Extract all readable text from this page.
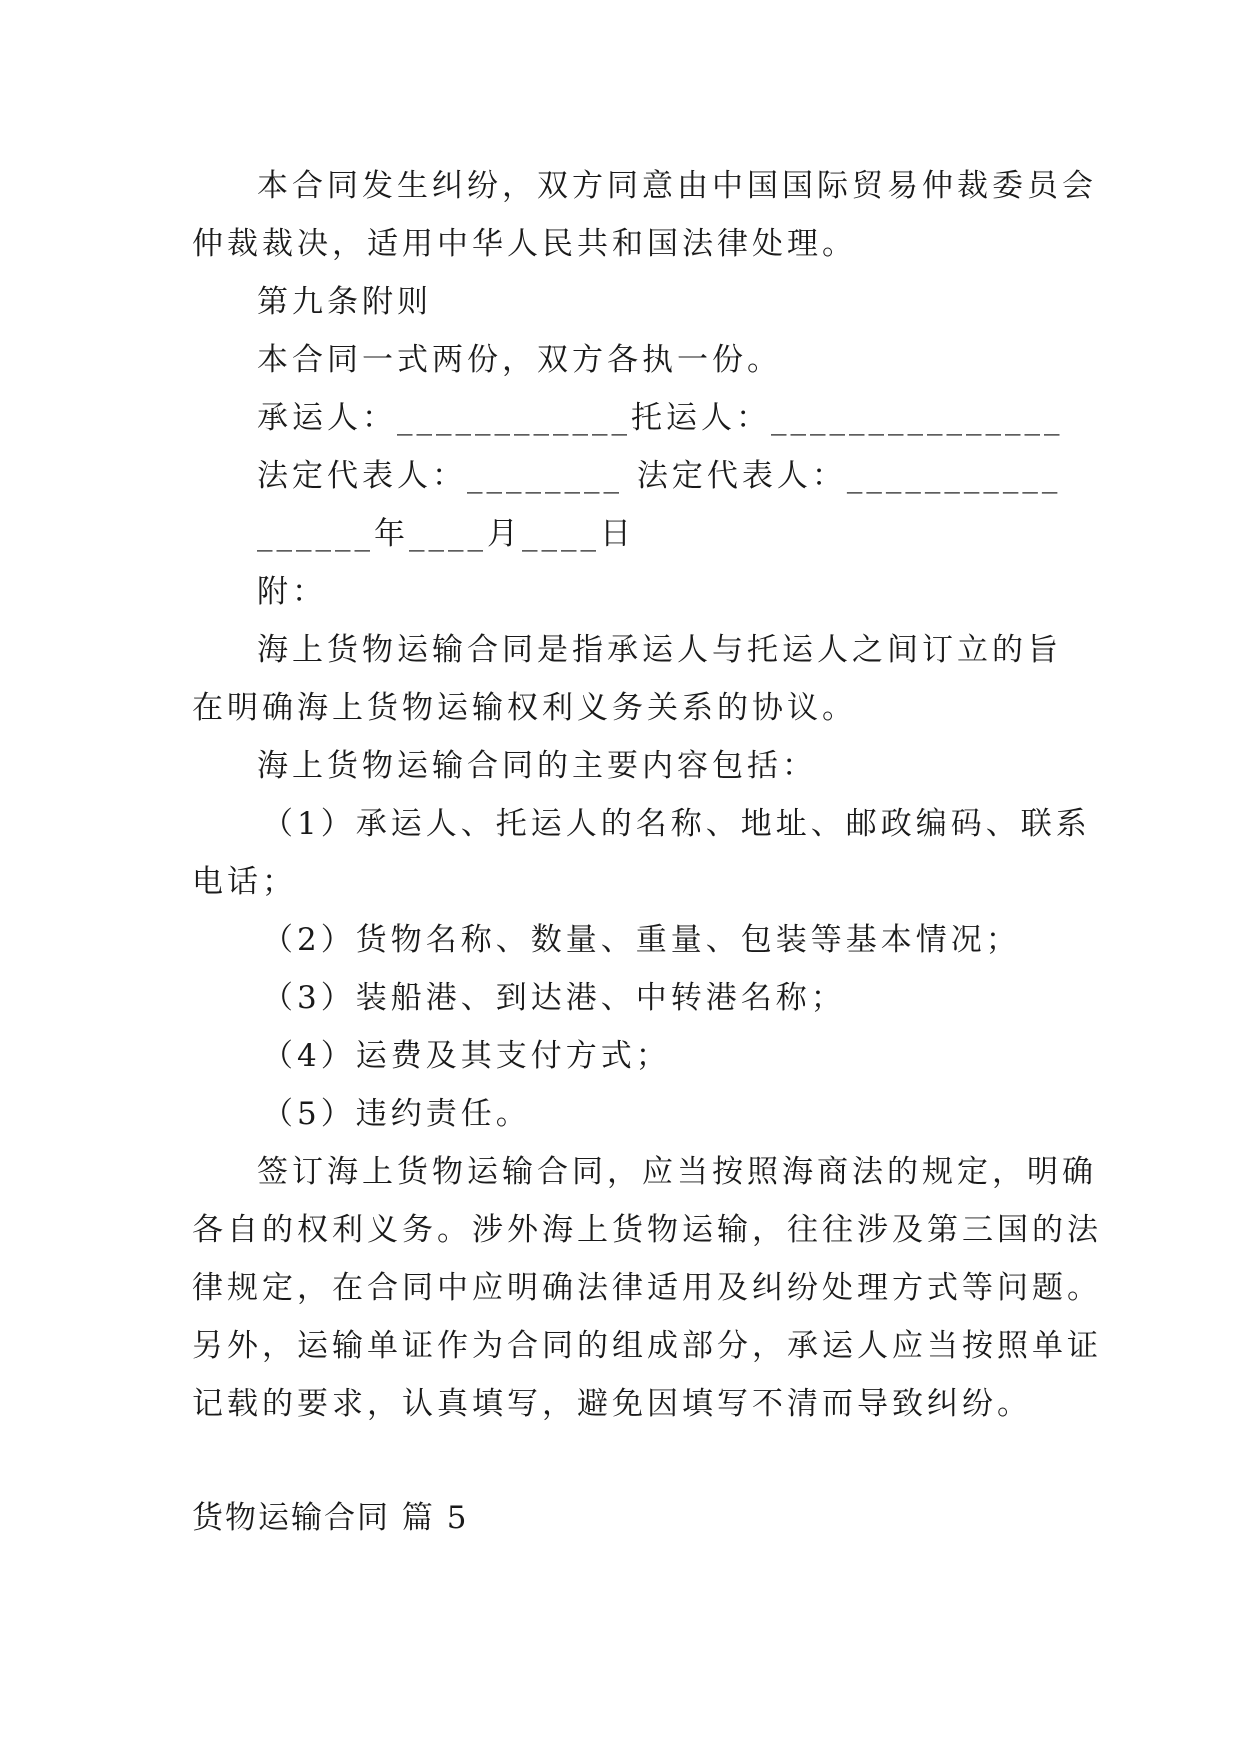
本合同发生纠纷，双方同意由中国国际贸易仲裁委员会
仲裁裁决，适用中华人民共和国法律处理。
第九条附则
本合同一式两份，双方各执一份。
承运人：____________托运人：_______________
法定代表人：________ 法定代表人：___________
______年____月____日
附：
海上货物运输合同是指承运人与托运人之间订立的旨
在明确海上货物运输权利义务关系的协议。
海上货物运输合同的主要内容包括：
（1）承运人、托运人的名称、地址、邮政编码、联系
电话；
（2）货物名称、数量、重量、包装等基本情况；
（3）装船港、到达港、中转港名称；
（4）运费及其支付方式；
（5）违约责任。
签订海上货物运输合同，应当按照海商法的规定，明确
各自的权利义务。涉外海上货物运输，往往涉及第三国的法
律规定，在合同中应明确法律适用及纠纷处理方式等问题。
另外，运输单证作为合同的组成部分，承运人应当按照单证
记载的要求，认真填写，避免因填写不清而导致纠纷。
货物运输合同 篇 5
